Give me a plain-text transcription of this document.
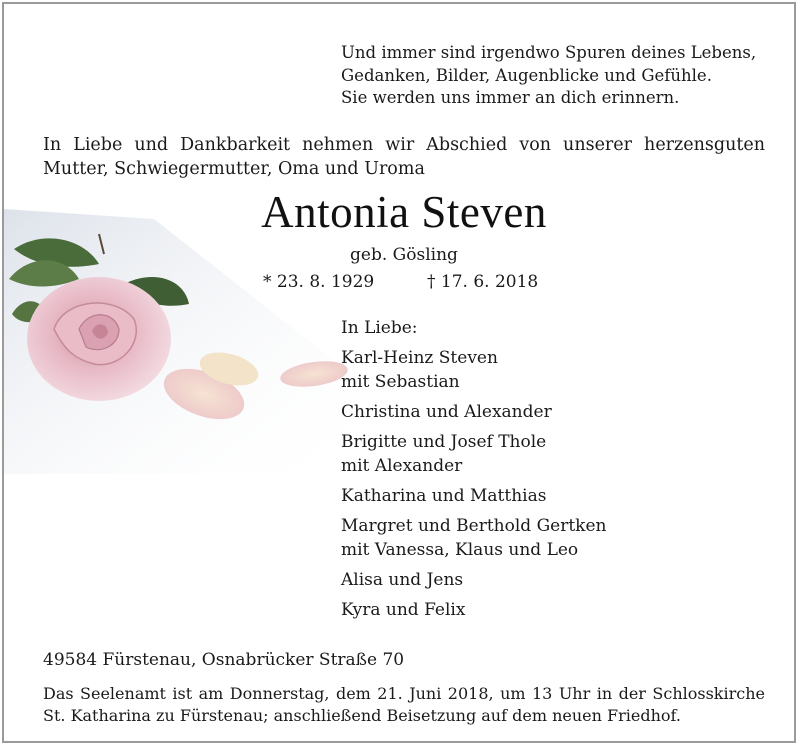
Und immer sind irgendwo Spuren deines Lebens,
Gedanken, Bilder, Augenblicke und Gefühle.
Sie werden uns immer an dich erinnern.
In Liebe und Dankbarkeit nehmen wir Abschied von unserer herzensguten
Mutter, Schwiegermutter, Oma und Uroma
Antonia Steven
geb. Gösling
* 23. 8. 1929	† 17. 6. 2018
In Liebe:
Karl-Heinz Steven
mit Sebastian
Christina und Alexander
Brigitte und Josef Thole
mit Alexander
Katharina und Matthias
Margret und Berthold Gertken
mit Vanessa, Klaus und Leo
Alisa und Jens
Kyra und Felix
49584 Fürstenau, Osnabrücker Straße 70
Das Seelenamt ist am Donnerstag, dem 21. Juni 2018, um 13 Uhr in der Schlosskirche
St. Katharina zu Fürstenau; anschließend Beisetzung auf dem neuen Friedhof.
